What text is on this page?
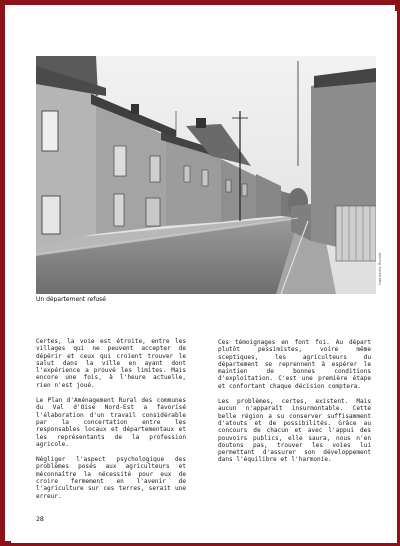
Habitants Rurale
Un département refusé

Certes, la voie est étroite, entre les villages qui ne peuvent accepter de dépérir et ceux qui croient trouver le salut dans la ville en ayant dont l'expérience a prouvé les limites. Mais encore une fois, à l'heure actuelle, rien n'est joué.

Le Plan d'Aménagement Rural des communes du Val d'Oise Nord-Est a favorisé l'élaboration d'un travail considérable par la concertation entre les responsables locaux et départementaux et les représentants de la profession agricole.

Négliger l'aspect psychologique des problèmes posés aux agriculteurs et méconnaître la nécessité pour eux de croire fermement en l'avenir de l'agriculture sur ces terres, serait une erreur.

Ces témoignages en font foi. Au départ plutôt pessimistes, voire même sceptiques, les agriculteurs du département se reprennent à espérer le maintien de bonnes conditions d'exploitation. C'est une première étape et confortant chaque décision comptera.

Les problèmes, certes, existent. Mais aucun n'apparaît insurmontable. Cette belle région a su conserver suffisamment d'atouts et de possibilités. Grâce au concours de chacun et avec l'appui des pouvoirs publics, elle saura, nous n'en doutons pas, trouver les voies lui permettant d'assurer son développement dans l'équilibre et l'harmonie.

28
